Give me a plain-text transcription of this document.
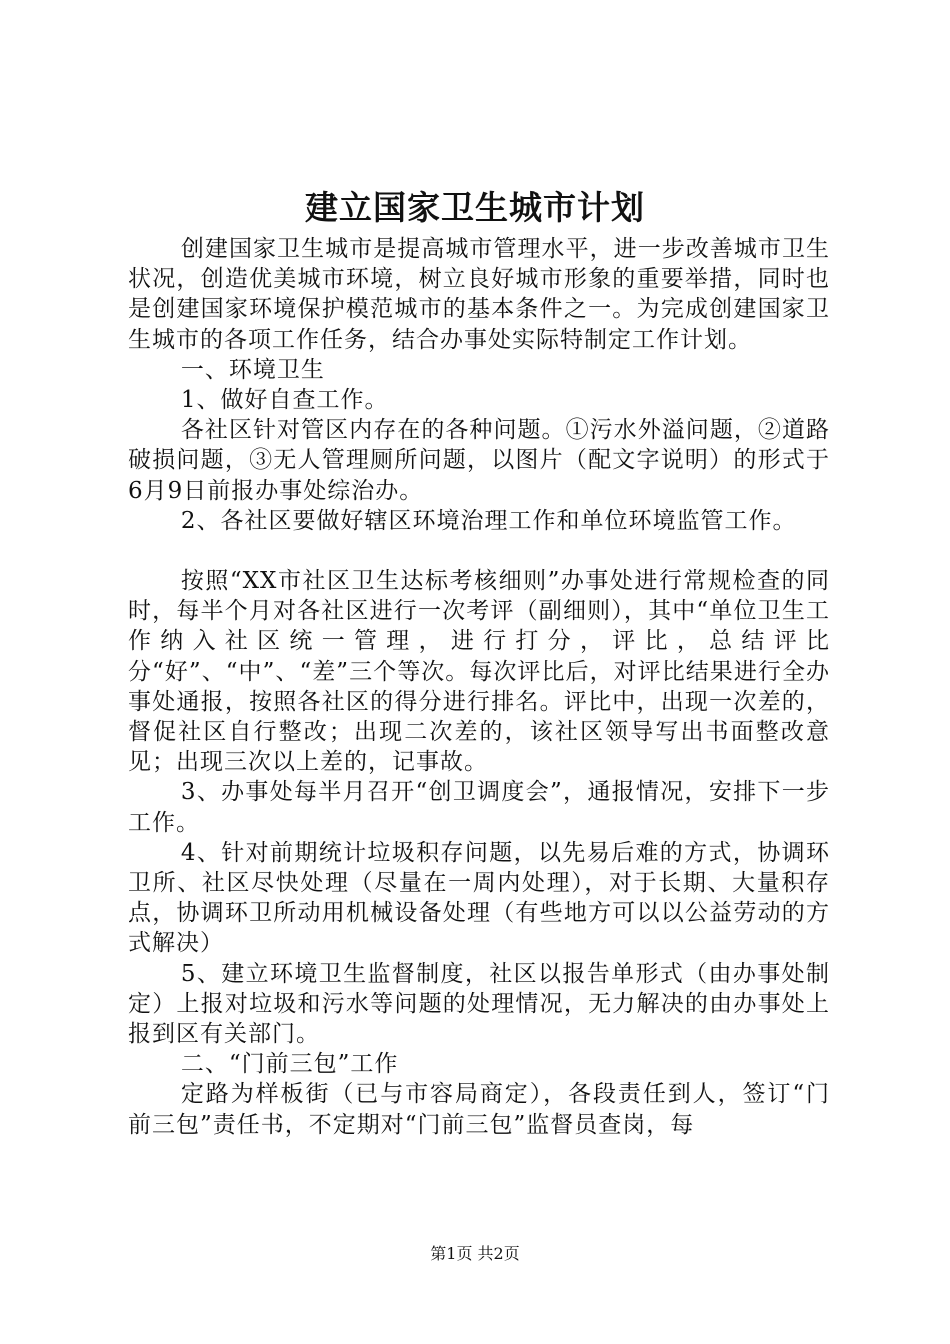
建立国家卫生城市计划

创建国家卫生城市是提高城市管理水平，进一步改善城市卫生状况，创造优美城市环境，树立良好城市形象的重要举措，同时也是创建国家环境保护模范城市的基本条件之一。为完成创建国家卫生城市的各项工作任务，结合办事处实际特制定工作计划。

一、环境卫生

1、做好自查工作。

各社区针对管区内存在的各种问题。①污水外溢问题，②道路破损问题，③无人管理厕所问题，以图片（配文字说明）的形式于6月9日前报办事处综治办。

2、各社区要做好辖区环境治理工作和单位环境监管工作。

按照“XX市社区卫生达标考核细则”办事处进行常规检查的同时，每半个月对各社区进行一次考评（副细则），其中“单位卫生工作纳入社区统一管理，进行打分，评比，总结评比分“好”、“中”、“差”三个等次。每次评比后，对评比结果进行全办事处通报，按照各社区的得分进行排名。评比中，出现一次差的，督促社区自行整改；出现二次差的，该社区领导写出书面整改意见；出现三次以上差的，记事故。

3、办事处每半月召开“创卫调度会”，通报情况，安排下一步工作。

4、针对前期统计垃圾积存问题，以先易后难的方式，协调环卫所、社区尽快处理（尽量在一周内处理），对于长期、大量积存点，协调环卫所动用机械设备处理（有些地方可以以公益劳动的方式解决）

5、建立环境卫生监督制度，社区以报告单形式（由办事处制定）上报对垃圾和污水等问题的处理情况，无力解决的由办事处上报到区有关部门。

二、“门前三包”工作

定路为样板街（已与市容局商定），各段责任到人，签订“门前三包”责任书，不定期对“门前三包”监督员查岗，每

第1页 共2页
